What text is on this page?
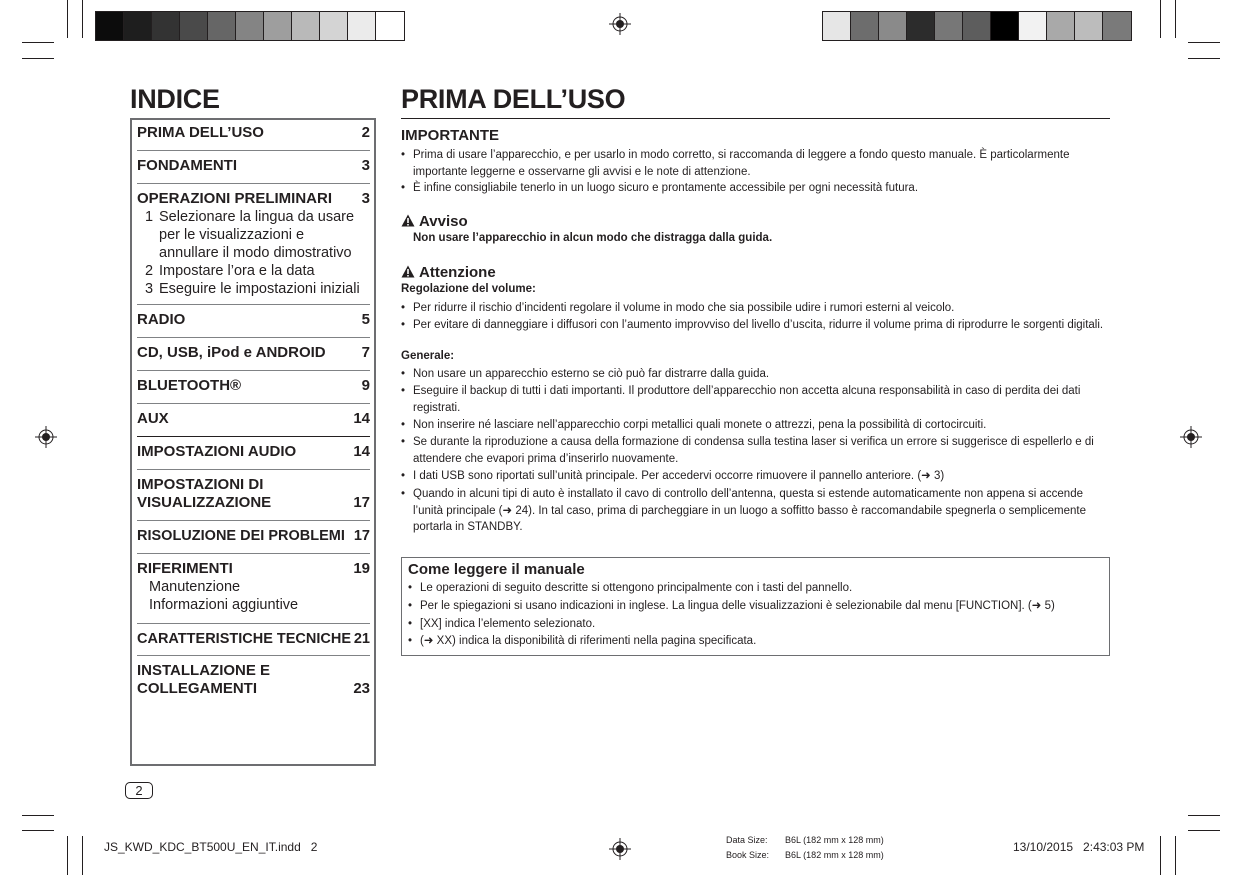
INDICE
PRIMA DELL’USO	2
FONDAMENTI	3
OPERAZIONI PRELIMINARI 3
1 Selezionare la lingua da usare per le visualizzazioni e annullare il modo dimostrativo
2 Impostare l’ora e la data
3 Eseguire le impostazioni iniziali
RADIO	5
CD, USB, iPod e ANDROID 7
BLUETOOTH®	9
AUX	14
IMPOSTAZIONI AUDIO	14
IMPOSTAZIONI DI
VISUALIZZAZIONE	17
RISOLUZIONE DEI PROBLEMI 17
RIFERIMENTI	19
Manutenzione
Informazioni aggiuntive
CARATTERISTICHE TECNICHE 21
INSTALLAZIONE E
COLLEGAMENTI	23
PRIMA DELL’USO
IMPORTANTE
• Prima di usare l’apparecchio, e per usarlo in modo corretto, si raccomanda di leggere a fondo questo manuale. È particolarmente importante leggerne e osservarne gli avvisi e le note di attenzione.
• È infine consigliabile tenerlo in un luogo sicuro e prontamente accessibile per ogni necessità futura.
Avviso
Non usare l’apparecchio in alcun modo che distragga dalla guida.
Attenzione
Regolazione del volume:
• Per ridurre il rischio d’incidenti regolare il volume in modo che sia possibile udire i rumori esterni al veicolo.
• Per evitare di danneggiare i diffusori con l’aumento improvviso del livello d’uscita, ridurre il volume prima di riprodurre le sorgenti digitali.
Generale:
• Non usare un apparecchio esterno se ciò può far distrarre dalla guida.
• Eseguire il backup di tutti i dati importanti. Il produttore dell’apparecchio non accetta alcuna responsabilità in caso di perdita dei dati registrati.
• Non inserire né lasciare nell’apparecchio corpi metallici quali monete o attrezzi, pena la possibilità di cortocircuiti.
• Se durante la riproduzione a causa della formazione di condensa sulla testina laser si verifica un errore si suggerisce di espellerlo e di attendere che evapori prima d’inserirlo nuovamente.
• I dati USB sono riportati sull’unità principale. Per accedervi occorre rimuovere il pannello anteriore. (➜ 3)
• Quando in alcuni tipi di auto è installato il cavo di controllo dell’antenna, questa si estende automaticamente non appena si accende l’unità principale (➜ 24). In tal caso, prima di parcheggiare in un luogo a soffitto basso è raccomandabile spegnerla o semplicemente portarla in STANDBY.
Come leggere il manuale
• Le operazioni di seguito descritte si ottengono principalmente con i tasti del pannello.
• Per le spiegazioni si usano indicazioni in inglese. La lingua delle visualizzazioni è selezionabile dal menu [FUNCTION]. (➜ 5)
• [XX] indica l’elemento selezionato.
• (➜ XX) indica la disponibilità di riferimenti nella pagina specificata.
2
JS_KWD_KDC_BT500U_EN_IT.indd   2	Data Size: B6L (182 mm x 128 mm)
Book Size: B6L (182 mm x 128 mm)
13/10/2015   2:43:03 PM
